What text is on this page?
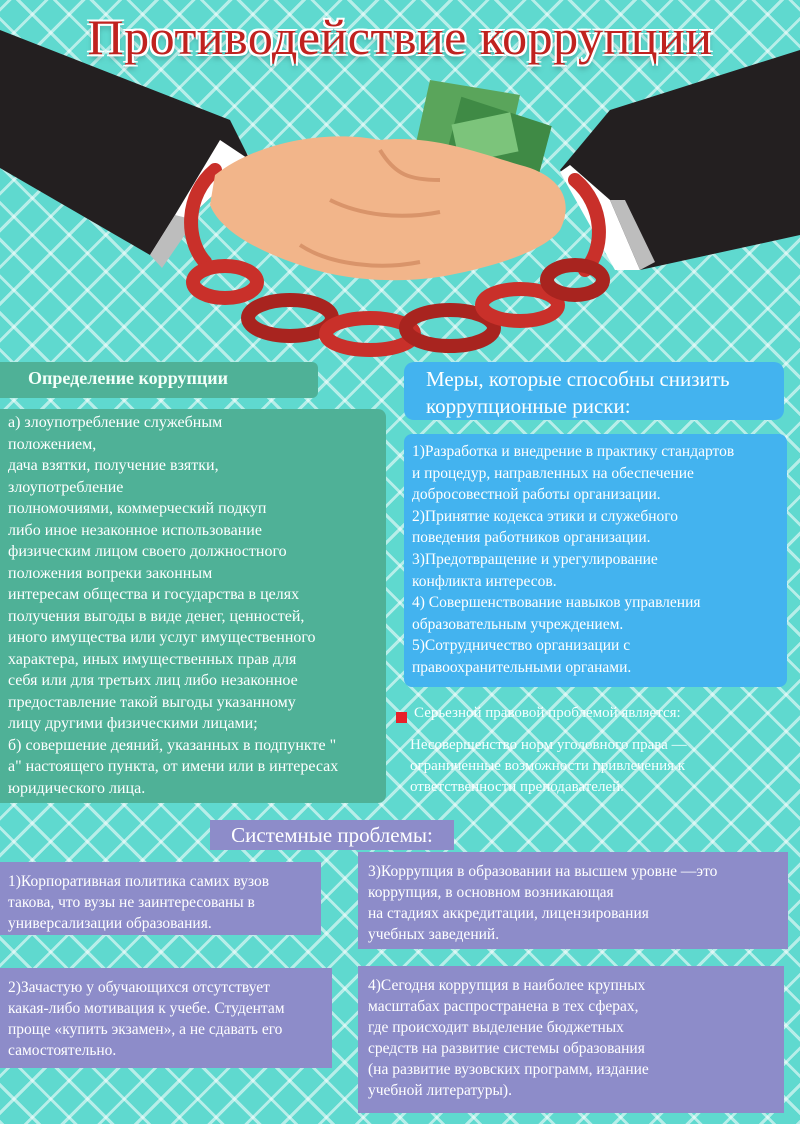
Противодействие коррупции
Определение коррупции
а) злоупотребление служебным
положением,
дача взятки, получение взятки,
злоупотребление
полномочиями, коммерческий подкуп
либо иное незаконное использование
физическим лицом своего должностного
положения вопреки законным
интересам общества и государства в целях
получения выгоды в виде денег, ценностей,
иного имущества или услуг имущественного
характера, иных имущественных прав для
себя или для третьих лиц либо незаконное
предоставление такой выгоды указанному
лицу другими физическими лицами;
б) совершение деяний, указанных в подпункте "
а" настоящего пункта, от имени или в интересах
юридического лица.
Меры, которые способны снизить
коррупционные риски:
1)Разработка и внедрение в практику стандартов
и процедур, направленных на обеспечение
добросовестной работы организации.
2)Принятие кодекса этики и служебного
поведения работников организации.
3)Предотвращение и урегулирование
конфликта интересов.
4) Совершенствование навыков управления
образовательным учреждением.
5)Сотрудничество организации с
правоохранительными органами.
Серьезной правовой проблемой является:
Несовершенство норм уголовного права —
ограниченные возможности привлечения к
ответственности преподавателей.
Системные проблемы:
1)Корпоративная политика самих вузов
такова, что вузы не заинтересованы в
универсализации образования.
2)Зачастую у обучающихся отсутствует
какая-либо мотивация к учебе. Студентам
проще «купить экзамен», а не сдавать его
самостоятельно.
3)Коррупция в образовании на высшем уровне —это
коррупция, в основном возникающая
на стадиях аккредитации, лицензирования
учебных заведений.
4)Сегодня коррупция в наиболее крупных
масштабах распространена в тех сферах,
где происходит выделение бюджетных
средств на развитие системы образования
(на развитие вузовских программ, издание
учебной литературы).
